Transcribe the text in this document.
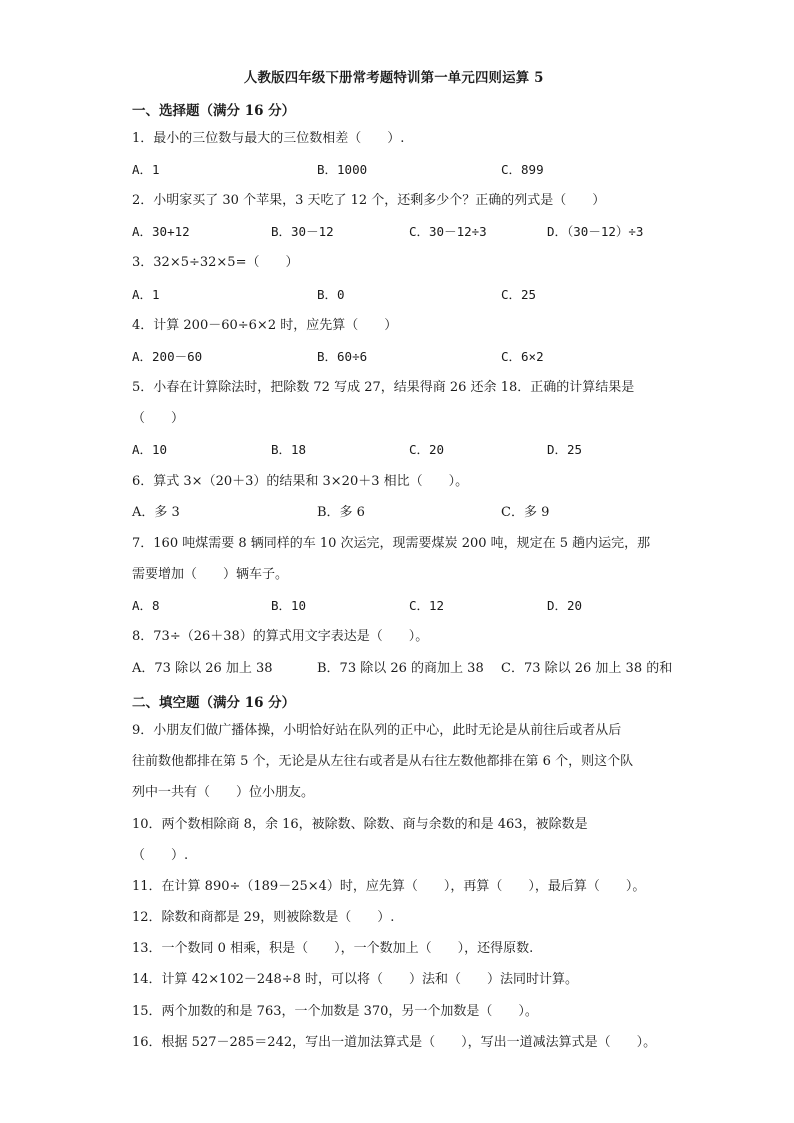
人教版四年级下册常考题特训第一单元四则运算 5
一、选择题（满分 16 分）
1．最小的三位数与最大的三位数相差（　　）.
A．1	B．1000	C．899
2．小明家买了 30 个苹果，3 天吃了 12 个，还剩多少个？正确的列式是（　　）
A．30+12	B．30－12	C．30－12÷3	D．（30－12）÷3
3．32×5÷32×5=（　　）
A．1	B．0	C．25
4．计算 200－60÷6×2 时，应先算（　　）
A．200－60	B．60÷6	C．6×2
5．小春在计算除法时，把除数 72 写成 27，结果得商 26 还余 18．正确的计算结果是
（　　）
A．10	B．18	C．20	D．25
6．算式 3×（20＋3）的结果和 3×20＋3 相比（　　）。
A．多 3	B．多 6	C．多 9
7．160 吨煤需要 8 辆同样的车 10 次运完，现需要煤炭 200 吨，规定在 5 趟内运完，那
需要增加（　　）辆车子。
A．8	B．10	C．12	D．20
8．73÷（26＋38）的算式用文字表达是（　　）。
A．73 除以 26 加上 38	B．73 除以 26 的商加上 38 C．73 除以 26 加上 38 的和
二、填空题（满分 16 分）
9．小朋友们做广播体操，小明恰好站在队列的正中心，此时无论是从前往后或者从后
往前数他都排在第 5 个，无论是从左往右或者是从右往左数他都排在第 6 个，则这个队
列中一共有（　　）位小朋友。
10．两个数相除商 8，余 16，被除数、除数、商与余数的和是 463，被除数是
（　　）.
11．在计算 890÷（189－25×4）时，应先算（　　），再算（　　），最后算（　　）。
12．除数和商都是 29，则被除数是（　　）.
13．一个数同 0 相乘，积是（　　），一个数加上（　　），还得原数.
14．计算 42×102－248÷8 时，可以将（　　）法和（　　）法同时计算。
15．两个加数的和是 763，一个加数是 370，另一个加数是（　　）。
16．根据 527－285＝242，写出一道加法算式是（　　），写出一道减法算式是（　　）。
